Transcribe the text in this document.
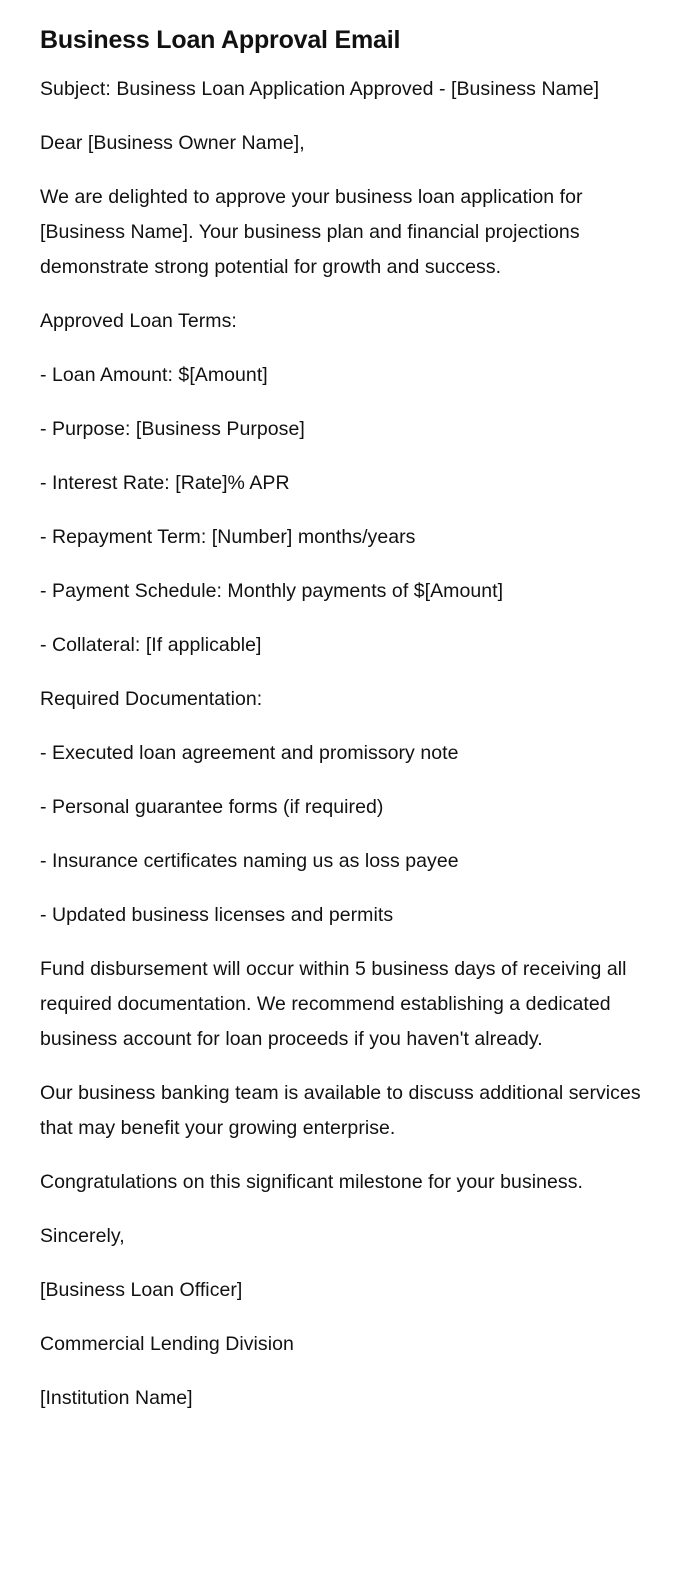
Business Loan Approval Email

Subject: Business Loan Application Approved - [Business Name]

Dear [Business Owner Name],

We are delighted to approve your business loan application for [Business Name]. Your business plan and financial projections demonstrate strong potential for growth and success.

Approved Loan Terms:

- Loan Amount: $[Amount]

- Purpose: [Business Purpose]

- Interest Rate: [Rate]% APR

- Repayment Term: [Number] months/years

- Payment Schedule: Monthly payments of $[Amount]

- Collateral: [If applicable]

Required Documentation:

- Executed loan agreement and promissory note

- Personal guarantee forms (if required)

- Insurance certificates naming us as loss payee

- Updated business licenses and permits

Fund disbursement will occur within 5 business days of receiving all required documentation. We recommend establishing a dedicated business account for loan proceeds if you haven't already.

Our business banking team is available to discuss additional services that may benefit your growing enterprise.

Congratulations on this significant milestone for your business.

Sincerely,

[Business Loan Officer]

Commercial Lending Division

[Institution Name]
